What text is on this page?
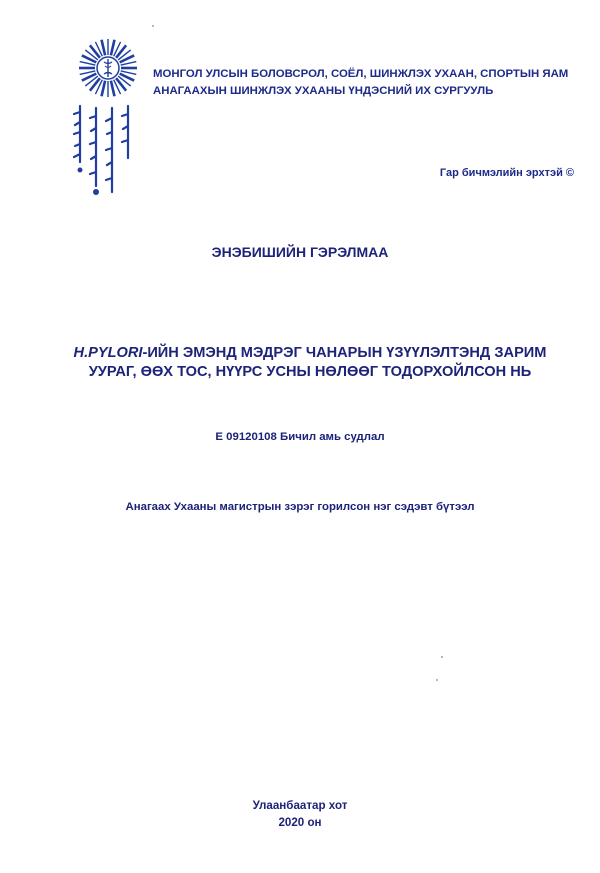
МОНГОЛ УЛСЫН БОЛОВСРОЛ, СОЁЛ, ШИНЖЛЭХ УХААН, СПОРТЫН ЯАМ
АНАГААХЫН ШИНЖЛЭХ УХААНЫ ҮНДЭСНИЙ ИХ СУРГУУЛЬ
Гар бичмэлийн эрхтэй ©
ЭНЭБИШИЙН ГЭРЭЛМАА
H.PYLORI-ИЙН ЭМЭНД МЭДРЭГ ЧАНАРЫН ҮЗҮҮЛЭЛТЭНД ЗАРИМ
УУРАГ, ӨӨХ ТОС, НҮҮРС УСНЫ НӨЛӨӨГ ТОДОРХОЙЛСОН НЬ
Е 09120108 Бичил амь судлал
Анагаах Ухааны магистрын зэрэг горилсон нэг сэдэвт бүтээл
Улаанбаатар хот
2020 он
